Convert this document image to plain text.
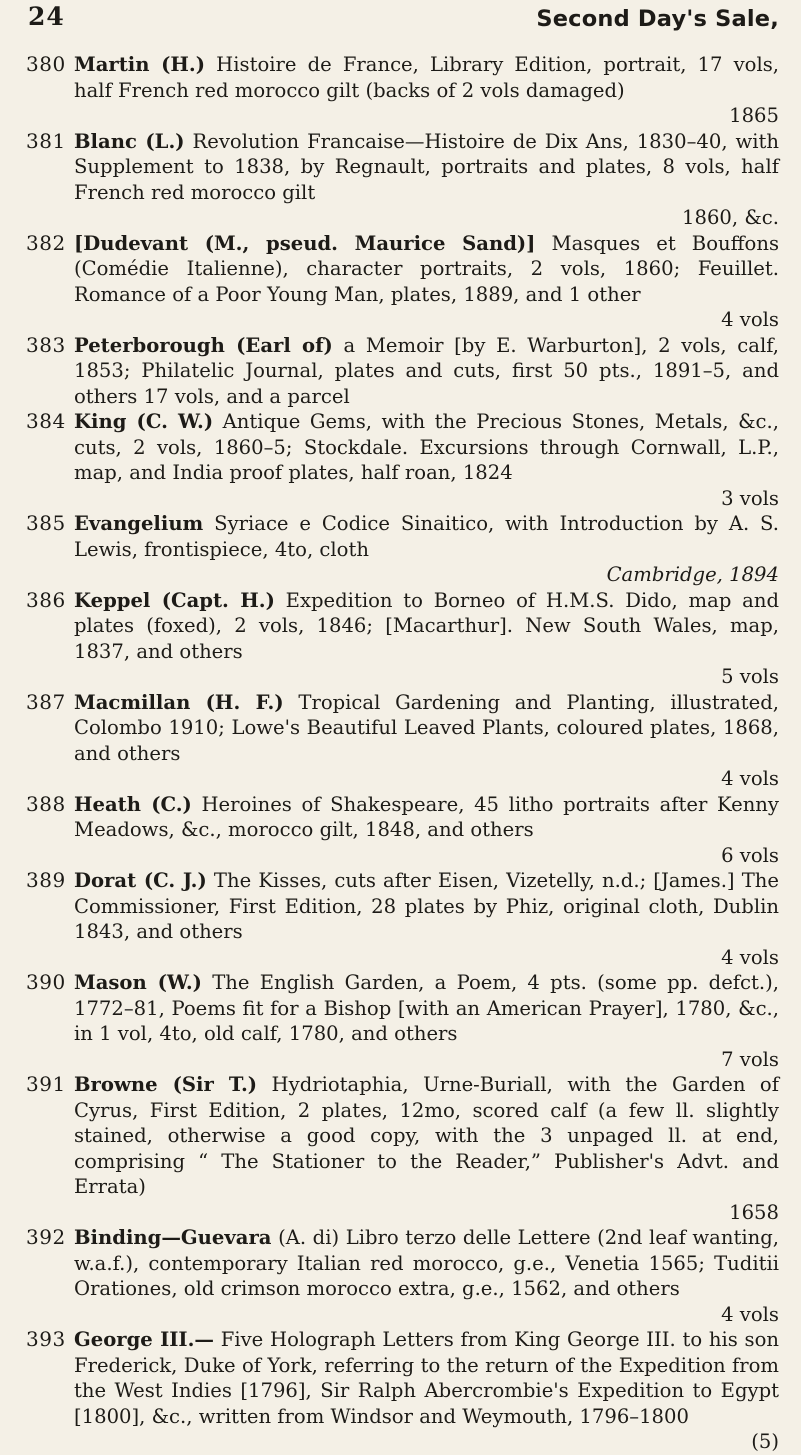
24	Second Day's Sale,
380 Martin (H.) Histoire de France, Library Edition, portrait, 17 vols, half French red morocco gilt (backs of 2 vols damaged)
1865
381 Blanc (L.) Revolution Francaise—Histoire de Dix Ans, 1830–40, with Supplement to 1838, by Regnault, portraits and plates, 8 vols, half French red morocco gilt
1860, &c.
382 [Dudevant (M., pseud. Maurice Sand)] Masques et Bouffons (Comédie Italienne), character portraits, 2 vols, 1860; Feuillet. Romance of a Poor Young Man, plates, 1889, and 1 other
4 vols
383 Peterborough (Earl of) a Memoir [by E. Warburton], 2 vols, calf, 1853; Philatelic Journal, plates and cuts, first 50 pts., 1891–5, and others 17 vols, and a parcel
384 King (C. W.) Antique Gems, with the Precious Stones, Metals, &c., cuts, 2 vols, 1860–5; Stockdale. Excursions through Cornwall, L.P., map, and India proof plates, half roan, 1824
3 vols
385 Evangelium Syriace e Codice Sinaitico, with Introduction by A. S. Lewis, frontispiece, 4to, cloth
Cambridge, 1894
386 Keppel (Capt. H.) Expedition to Borneo of H.M.S. Dido, map and plates (foxed), 2 vols, 1846; [Macarthur]. New South Wales, map, 1837, and others
5 vols
387 Macmillan (H. F.) Tropical Gardening and Planting, illustrated, Colombo 1910; Lowe's Beautiful Leaved Plants, coloured plates, 1868, and others
4 vols
388 Heath (C.) Heroines of Shakespeare, 45 litho portraits after Kenny Meadows, &c., morocco gilt, 1848, and others
6 vols
389 Dorat (C. J.) The Kisses, cuts after Eisen, Vizetelly, n.d.; [James.] The Commissioner, First Edition, 28 plates by Phiz, original cloth, Dublin 1843, and others
4 vols
390 Mason (W.) The English Garden, a Poem, 4 pts. (some pp. defct.), 1772–81, Poems fit for a Bishop [with an American Prayer], 1780, &c., in 1 vol, 4to, old calf, 1780, and others
7 vols
391 Browne (Sir T.) Hydriotaphia, Urne-Buriall, with the Garden of Cyrus, First Edition, 2 plates, 12mo, scored calf (a few ll. slightly stained, otherwise a good copy, with the 3 unpaged ll. at end, comprising “ The Stationer to the Reader,” Publisher's Advt. and Errata)
1658
392 Binding—Guevara (A. di) Libro terzo delle Lettere (2nd leaf wanting, w.a.f.), contemporary Italian red morocco, g.e., Venetia 1565; Tuditii Orationes, old crimson morocco extra, g.e., 1562, and others
4 vols
393 George III.— Five Holograph Letters from King George III. to his son Frederick, Duke of York, referring to the return of the Expedition from the West Indies [1796], Sir Ralph Abercrombie's Expedition to Egypt [1800], &c., written from Windsor and Weymouth, 1796–1800
(5)
